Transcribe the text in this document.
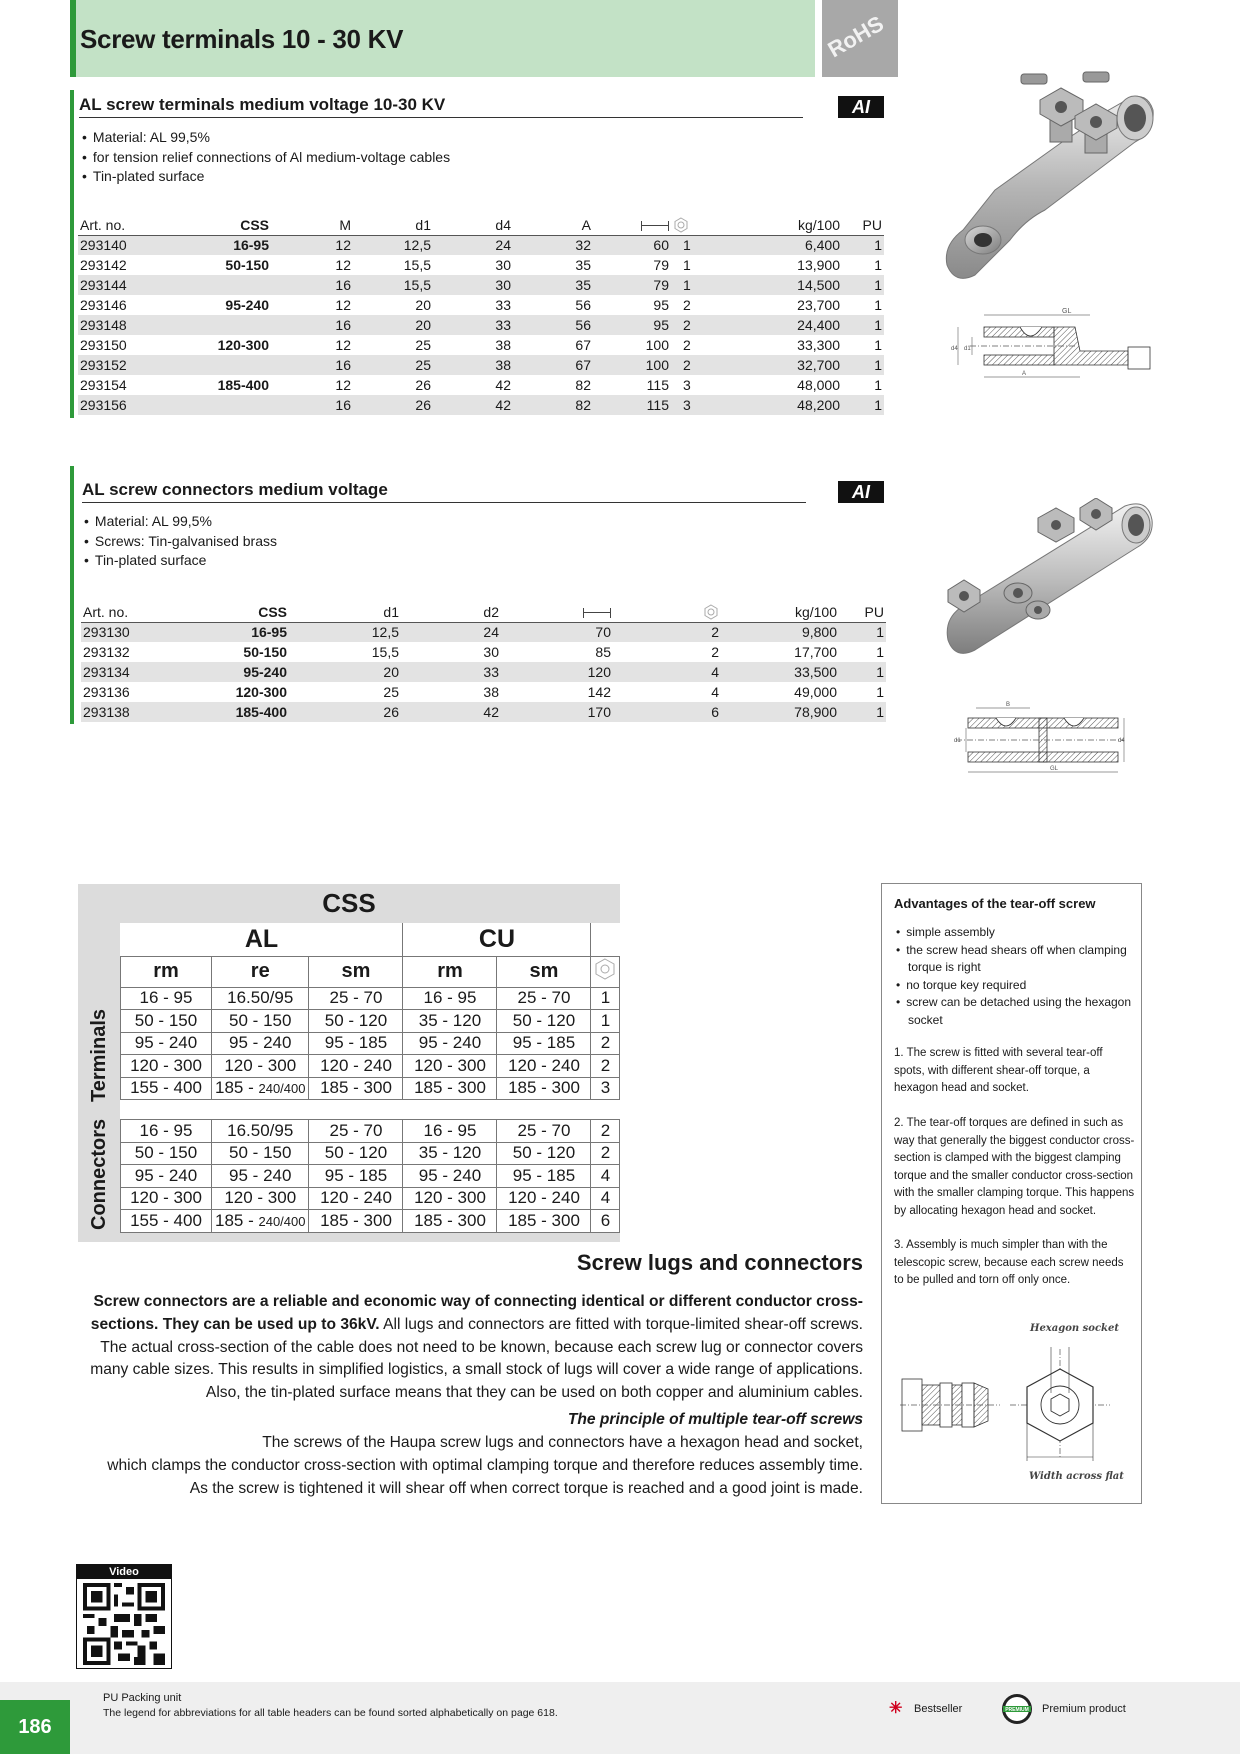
Screw terminals 10 - 30 KV	RoHS
AL screw terminals medium voltage 10-30 KV	AI
• Material: AL 99,5%
• for tension relief connections of Al medium-voltage cables
• Tin-plated surface
Art. no.	CSS	M	d1	d4	A			kg/100	PU
293140	16-95	12	12,5	24	32	60	1	6,400	1
293142	50-150	12	15,5	30	35	79	1	13,900	1
293144		16	15,5	30	35	79	1	14,500	1
293146	95-240	12	20	33	56	95	2	23,700	1
293148		16	20	33	56	95	2	24,400	1
293150	120-300	12	25	38	67	100	2	33,300	1
293152		16	25	38	67	100	2	32,700	1
293154	185-400	12	26	42	82	115	3	48,000	1
293156		16	26	42	82	115	3	48,200	1
GL
d4 d1
A
AL screw connectors medium voltage	AI
• Material: AL 99,5%
• Screws: Tin-galvanised brass
• Tin-plated surface
Art. no.	CSS	d1	d2			kg/100	PU
293130	16-95	12,5	24	70	2	9,800	1
293132	50-150	15,5	30	85	2	17,700	1
293134	95-240	20	33	120	4	33,500	1
293136	120-300	25	38	142	4	49,000	1
293138	185-400	26	42	170	6	78,900	1	B
d1	d4
GL
CSS
Terminals
Connectors
AL			CU		
rm	re	sm	rm	sm	
16 - 95	16.50/95	25 - 70	16 - 95	25 - 70	1
50 - 150	50 - 150	50 - 120	35 - 120	50 - 120	1
95 - 240	95 - 240	95 - 185	95 - 240	95 - 185	2
120 - 300	120 - 300	120 - 240	120 - 300	120 - 240	2
155 - 400	185 - 240/400	185 - 300	185 - 300	185 - 300	3

16 - 95	16.50/95	25 - 70	16 - 95	25 - 70	2
50 - 150	50 - 150	50 - 120	35 - 120	50 - 120	2
95 - 240	95 - 240	95 - 185	95 - 240	95 - 185	4
120 - 300	120 - 300	120 - 240	120 - 300	120 - 240	4
155 - 400	185 - 240/400	185 - 300	185 - 300	185 - 300	6
Advantages of the tear-off screw
• simple assembly
• the screw head shears off when clamping torque is right
• no torque key required
• screw can be detached using the hexagon socket
1. The screw is fitted with several tear-off spots, with different shear-off torque, a hexagon head and socket.
2. The tear-off torques are defined in such as way that generally the biggest conductor cross-section is clamped with the biggest clamping torque and the smaller conductor cross-section with the smaller clamping torque. This happens by allocating hexagon head and socket.
3. Assembly is much simpler than with the telescopic screw, because each screw needs to be pulled and torn off only once.
Hexagon socket
Width across flat
Screw lugs and connectors
Screw connectors are a reliable and economic way of connecting identical or different conductor cross-sections. They can be used up to 36kV. All lugs and connectors are fitted with torque-limited shear-off screws. The actual cross-section of the cable does not need to be known, because each screw lug or connector covers many cable sizes. This results in simplified logistics, a small stock of lugs will cover a wide range of applications. Also, the tin-plated surface means that they can be used on both copper and aluminium cables.
The principle of multiple tear-off screws
The screws of the Haupa screw lugs and connectors have a hexagon head and socket,
which clamps the conductor cross-section with optimal clamping torque and therefore reduces assembly time.
As the screw is tightened it will shear off when correct torque is reached and a good joint is made.
Video
186
PU Packing unit
The legend for abbreviations for all table headers can be found sorted alphabetically on page 618.	✳ Bestseller	PREMIUM Premium product
